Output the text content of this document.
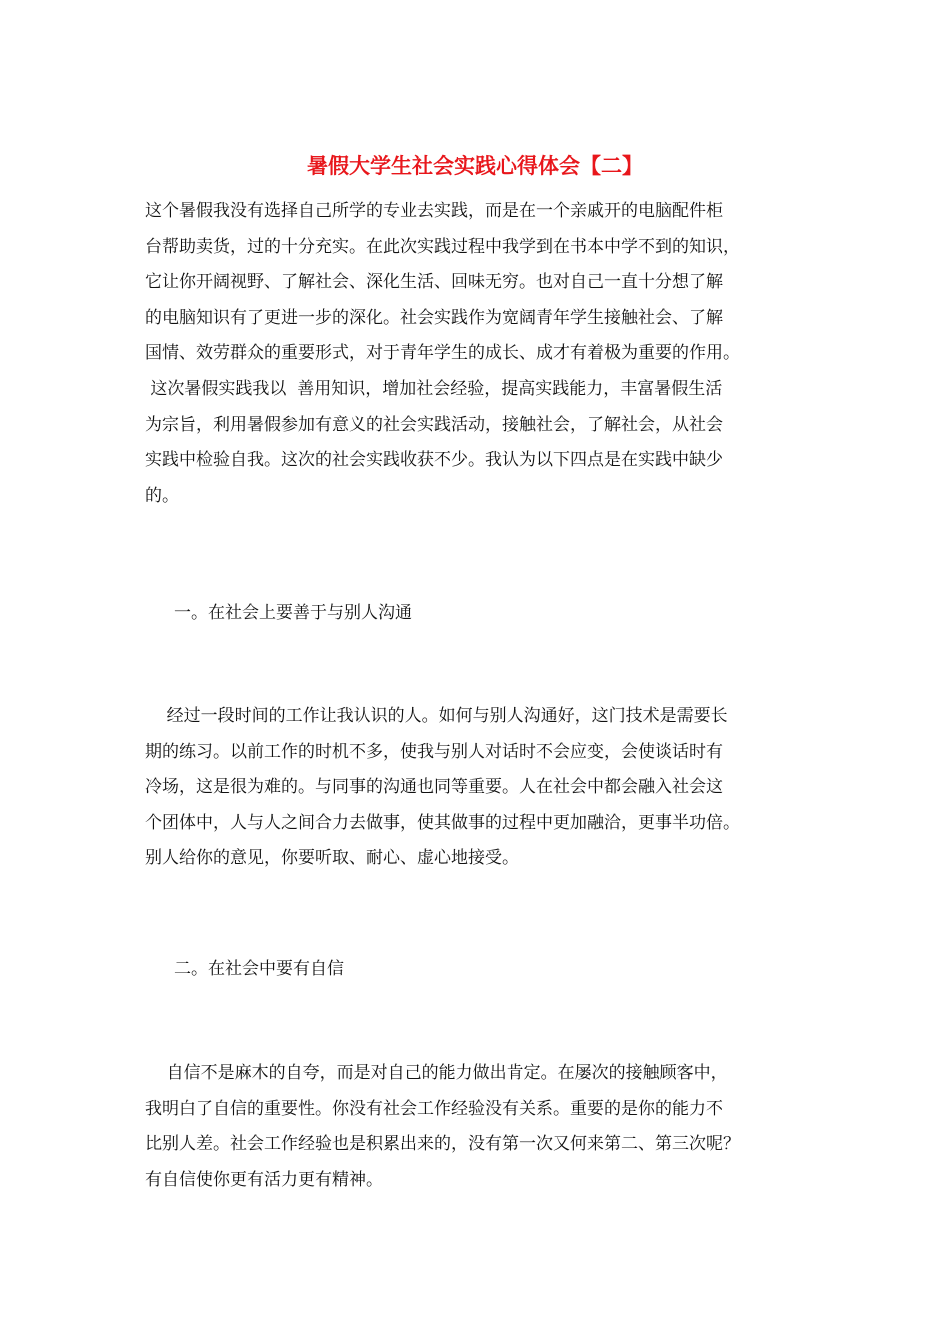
暑假大学生社会实践心得体会【二】
这个暑假我没有选择自己所学的专业去实践，而是在一个亲戚开的电脑配件柜
台帮助卖货，过的十分充实。在此次实践过程中我学到在书本中学不到的知识，
它让你开阔视野、了解社会、深化生活、回味无穷。也对自己一直十分想了解
的电脑知识有了更进一步的深化。社会实践作为宽阔青年学生接触社会、了解
国情、效劳群众的重要形式，对于青年学生的成长、成才有着极为重要的作用。
这次暑假实践我以  善用知识，增加社会经验，提高实践能力，丰富暑假生活
为宗旨，利用暑假参加有意义的社会实践活动，接触社会，了解社会，从社会
实践中检验自我。这次的社会实践收获不少。我认为以下四点是在实践中缺少
的。
一。在社会上要善于与别人沟通
经过一段时间的工作让我认识的人。如何与别人沟通好，这门技术是需要长
期的练习。以前工作的时机不多，使我与别人对话时不会应变，会使谈话时有
冷场，这是很为难的。与同事的沟通也同等重要。人在社会中都会融入社会这
个团体中，人与人之间合力去做事，使其做事的过程中更加融洽，更事半功倍。
别人给你的意见，你要听取、耐心、虚心地接受。
二。在社会中要有自信
自信不是麻木的自夸，而是对自己的能力做出肯定。在屡次的接触顾客中，
我明白了自信的重要性。你没有社会工作经验没有关系。重要的是你的能力不
比别人差。社会工作经验也是积累出来的，没有第一次又何来第二、第三次呢？
有自信使你更有活力更有精神。
